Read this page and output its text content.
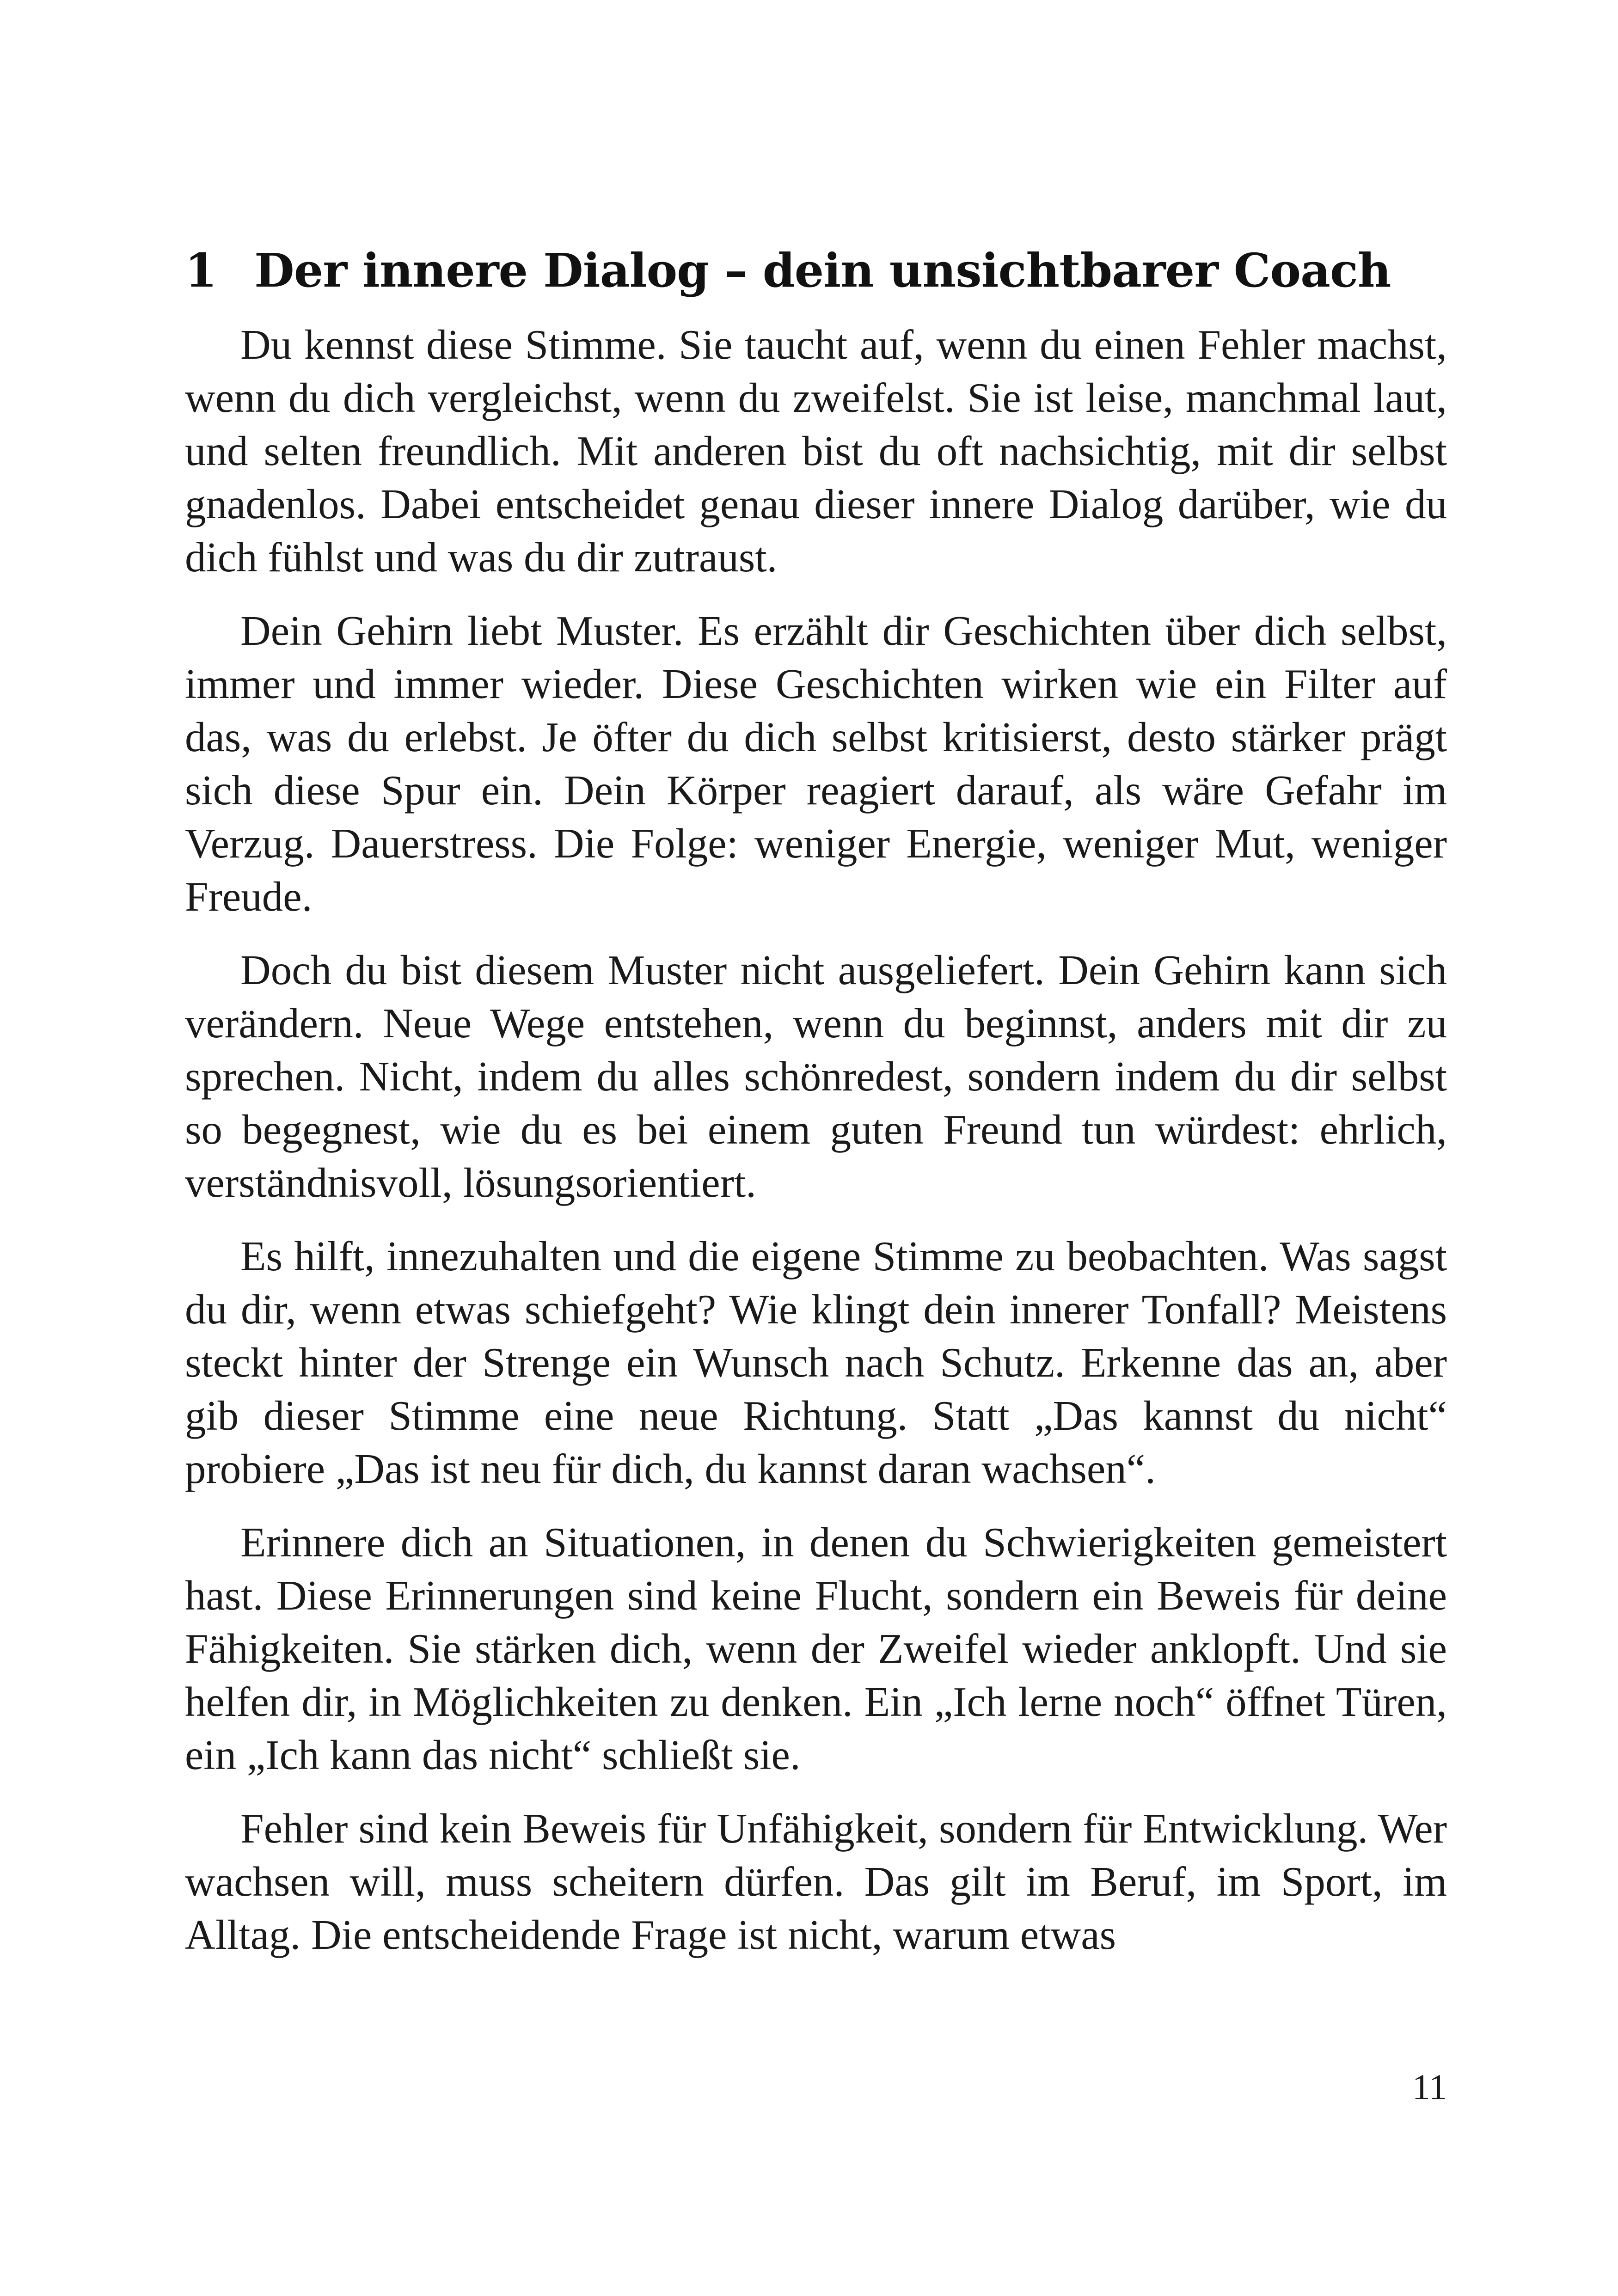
1 Der innere Dialog – dein unsichtbarer Coach

Du kennst diese Stimme. Sie taucht auf, wenn du einen Fehler machst, wenn du dich vergleichst, wenn du zweifelst. Sie ist leise, manchmal laut, und selten freundlich. Mit anderen bist du oft nachsichtig, mit dir selbst gnadenlos. Dabei entscheidet genau dieser innere Dialog darüber, wie du dich fühlst und was du dir zutraust.

Dein Gehirn liebt Muster. Es erzählt dir Geschichten über dich selbst, immer und immer wieder. Diese Geschichten wirken wie ein Filter auf das, was du erlebst. Je öfter du dich selbst kritisierst, desto stärker prägt sich diese Spur ein. Dein Körper reagiert darauf, als wäre Gefahr im Verzug. Dauerstress. Die Folge: weniger Energie, weniger Mut, weniger Freude.

Doch du bist diesem Muster nicht ausgeliefert. Dein Gehirn kann sich verändern. Neue Wege entstehen, wenn du beginnst, anders mit dir zu sprechen. Nicht, indem du alles schönredest, sondern indem du dir selbst so begegnest, wie du es bei einem guten Freund tun würdest: ehrlich, verständnisvoll, lösungsorientiert.

Es hilft, innezuhalten und die eigene Stimme zu beobachten. Was sagst du dir, wenn etwas schiefgeht? Wie klingt dein innerer Tonfall? Meistens steckt hinter der Strenge ein Wunsch nach Schutz. Erkenne das an, aber gib dieser Stimme eine neue Richtung. Statt „Das kannst du nicht“ probiere „Das ist neu für dich, du kannst daran wachsen“.

Erinnere dich an Situationen, in denen du Schwierigkeiten gemeistert hast. Diese Erinnerungen sind keine Flucht, sondern ein Beweis für deine Fähigkeiten. Sie stärken dich, wenn der Zweifel wieder anklopft. Und sie helfen dir, in Möglichkeiten zu denken. Ein „Ich lerne noch“ öffnet Türen, ein „Ich kann das nicht“ schließt sie.

Fehler sind kein Beweis für Unfähigkeit, sondern für Entwicklung. Wer wachsen will, muss scheitern dürfen. Das gilt im Beruf, im Sport, im Alltag. Die entscheidende Frage ist nicht, warum etwas

11
